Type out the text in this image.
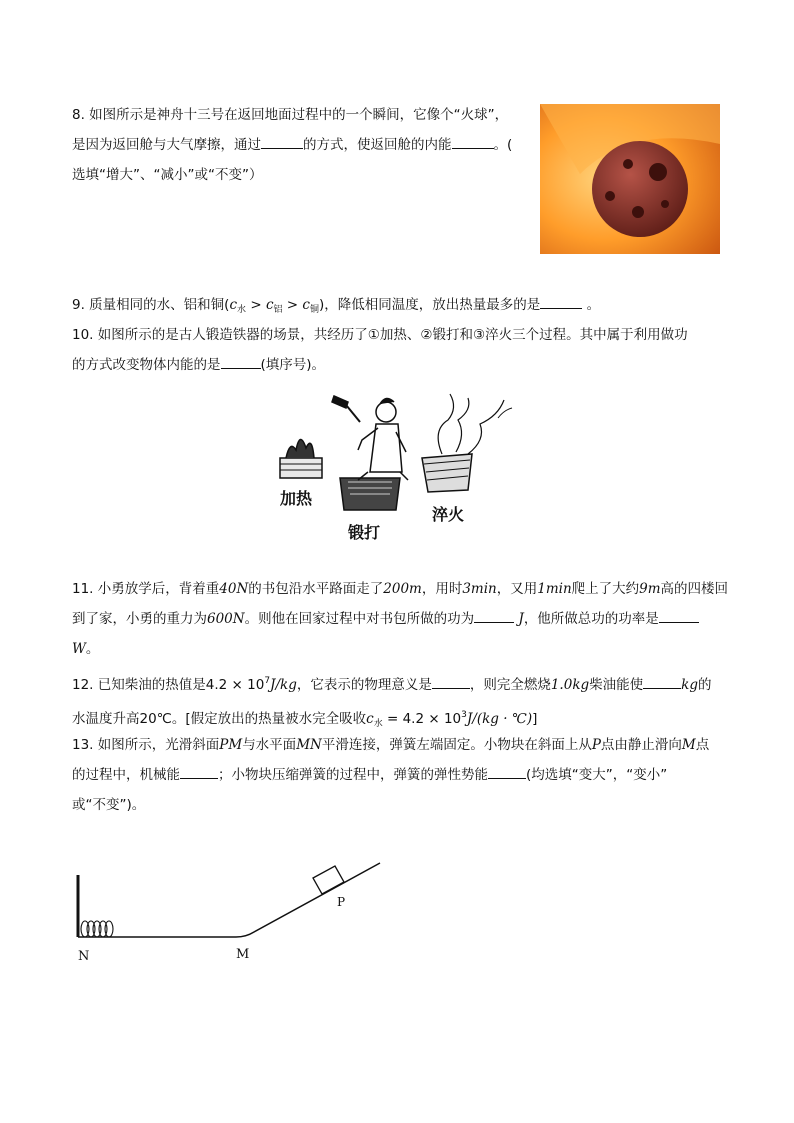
8. 如图所示是神舟十三号在返回地面过程中的一个瞬间，它像个“火球”，
是因为返回舱与大气摩擦，通过	的方式，使返回舱的内能	。(
选填“增大”、“减小”或“不变”）
9. 质量相同的水、铝和铜$(c_水 > c_铝 > c_铜)$，降低相同温度，放出热量最多的是	。
10. 如图所示的是古人锻造铁器的场景，共经历了①加热、②锻打和③淬火三个过程。其中属于利用做功
的方式改变物体内能的是	(填序号)。
加热
锻打
淬火
11. 小勇放学后，背着重40N的书包沿水平路面走了200m，用时3min，又用1min爬上了大约9m高的四楼回
到了家，小勇的重力为600N。则他在回家过程中对书包所做的功为	J，他所做总功的功率是
W。
12. 已知柴油的热值是$4.2 \times 10^7J/kg$，它表示的物理意义是	，则完全燃烧1.0kg柴油能使	kg的
水温度升高20℃。[假定放出的热量被水完全吸收$c_水 = 4.2 \times 10^3J/(kg$ · ℃)]
13. 如图所示，光滑斜面PM与水平面MN平滑连接，弹簧左端固定。小物块在斜面上从P点由静止滑向M点
的过程中，机械能	；小物块压缩弹簧的过程中，弹簧的弹性势能	(均选填“变大”，“变小”
或“不变”)。
N	M
P
